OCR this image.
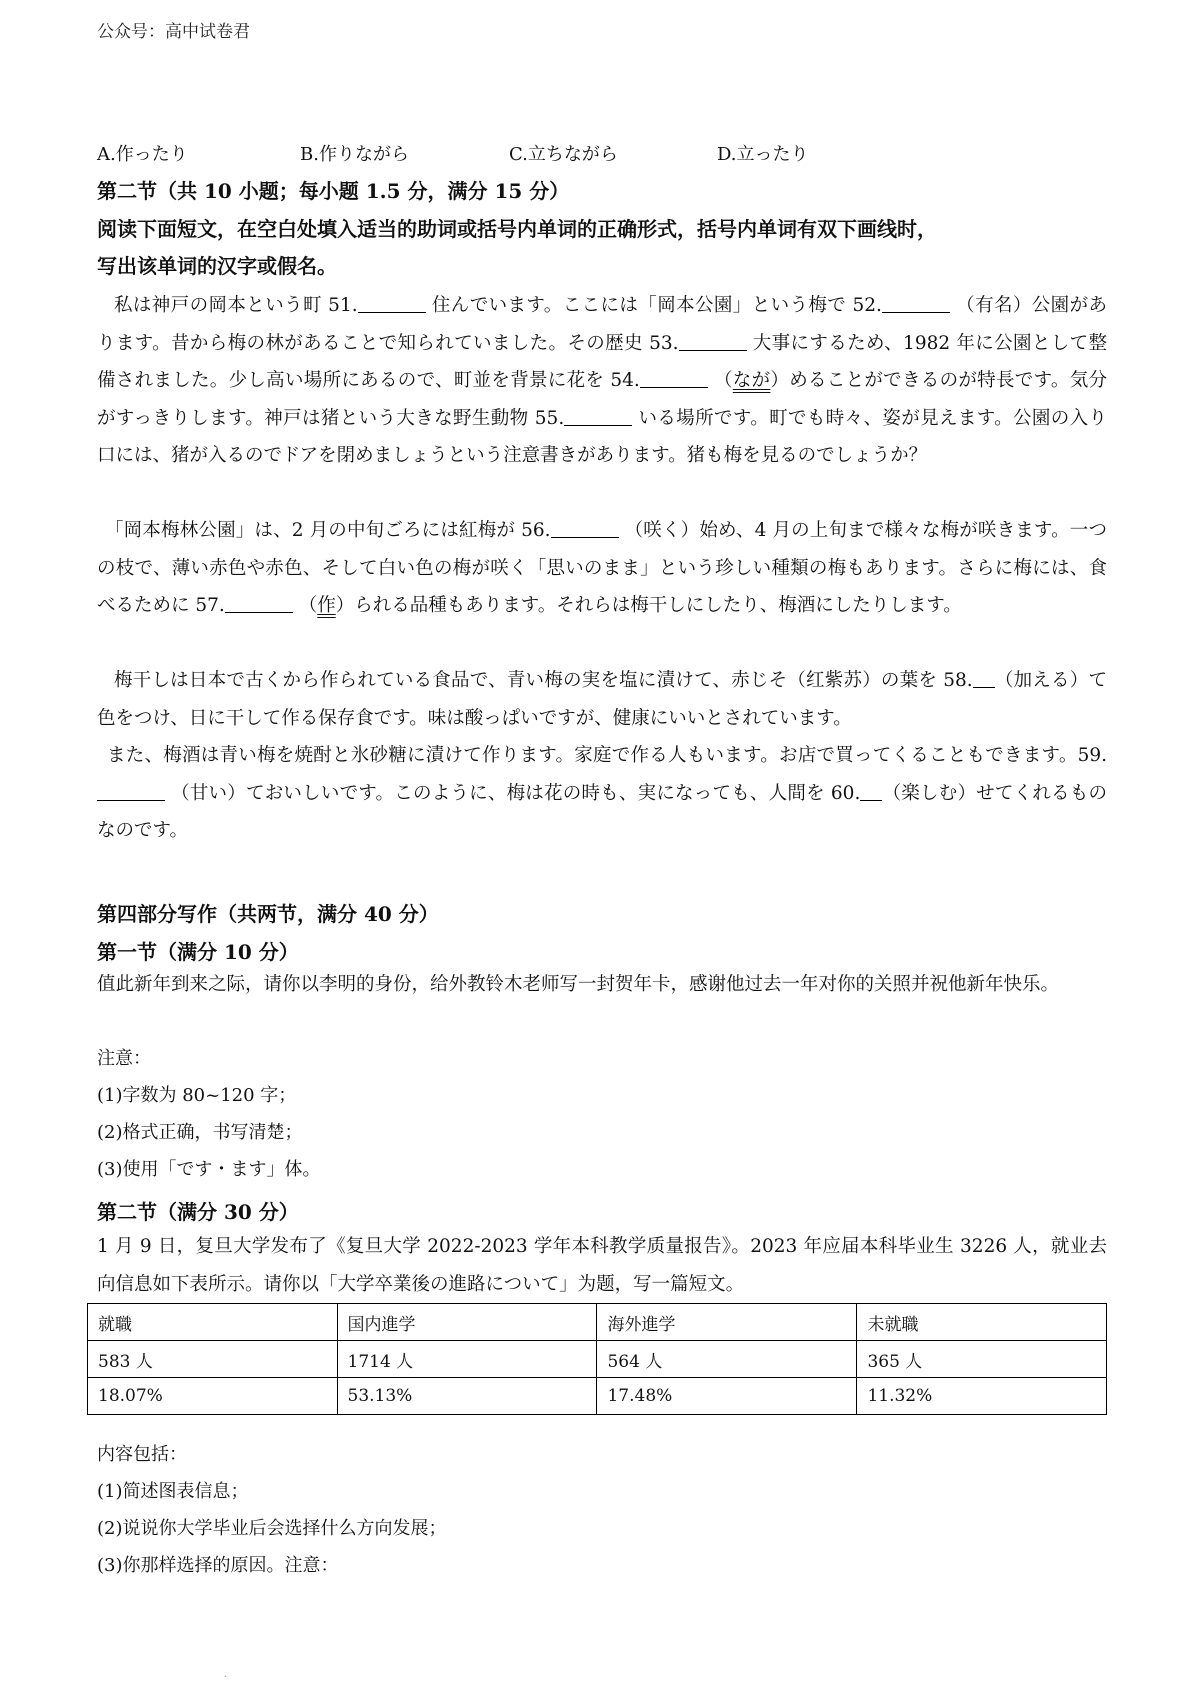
公众号：高中试卷君
A.作ったり	B.作りながら	C.立ちながら	D.立ったり
第二节（共 10 小题；每小题 1.5 分，满分 15 分）
阅读下面短文，在空白处填入适当的助词或括号内单词的正确形式，括号内单词有双下画线时，
写出该单词的汉字或假名。
私は神戸の岡本という町 51.	住んでいます。ここには「岡本公園」という梅で 52.	（有名）公園があります。昔から梅の林があることで知られていました。その歴史 53.	大事にするため、1982 年に公園として整備されました。少し高い場所にあるので、町並を背景に花を 54.	（なが）めることができるのが特長です。気分がすっきりします。神戸は猪という大きな野生動物 55.	いる場所です。町でも時々、姿が見えます。公園の入り口には、猪が入るのでドアを閉めましょうという注意書きがあります。猪も梅を見るのでしょうか？
「岡本梅林公園」は、2 月の中旬ごろには紅梅が 56.	（咲く）始め、4 月の上旬まで様々な梅が咲きます。一つの枝で、薄い赤色や赤色、そして白い色の梅が咲く「思いのまま」という珍しい種類の梅もあります。さらに梅には、食べるために 57.	（作）られる品種もあります。それらは梅干しにしたり、梅酒にしたりします。
梅干しは日本で古くから作られている食品で、青い梅の実を塩に漬けて、赤じそ（红紫苏）の葉を 58. （加える）て色をつけ、日に干して作る保存食です。味は酸っぱいですが、健康にいいとされています。
また、梅酒は青い梅を焼酎と氷砂糖に漬けて作ります。家庭で作る人もいます。お店で買ってくることもできます。59. （甘い）ておいしいです。このように、梅は花の時も、実になっても、人間を 60. （楽しむ）せてくれるものなのです。
第四部分写作（共两节，满分 40 分）
第一节（满分 10 分）
值此新年到来之际，请你以李明的身份，给外教铃木老师写一封贺年卡，感谢他过去一年对你的关照并祝他新年快乐。
注意：
(1)字数为 80~120 字；
(2)格式正确，书写清楚；
(3)使用「です・ます」体。
第二节（满分 30 分）
1 月 9 日，复旦大学发布了《复旦大学 2022-2023 学年本科教学质量报告》。2023 年应届本科毕业生 3226 人，就业去向信息如下表所示。请你以「大学卒業後の進路について」为题，写一篇短文。
就職	国内進学	海外進学	未就職
583 人	1714 人	564 人	365 人
18.07%	53.13%	17.48%	11.32%
内容包括：
(1)简述图表信息；
(2)说说你大学毕业后会选择什么方向发展；
(3)你那样选择的原因。注意：
·
